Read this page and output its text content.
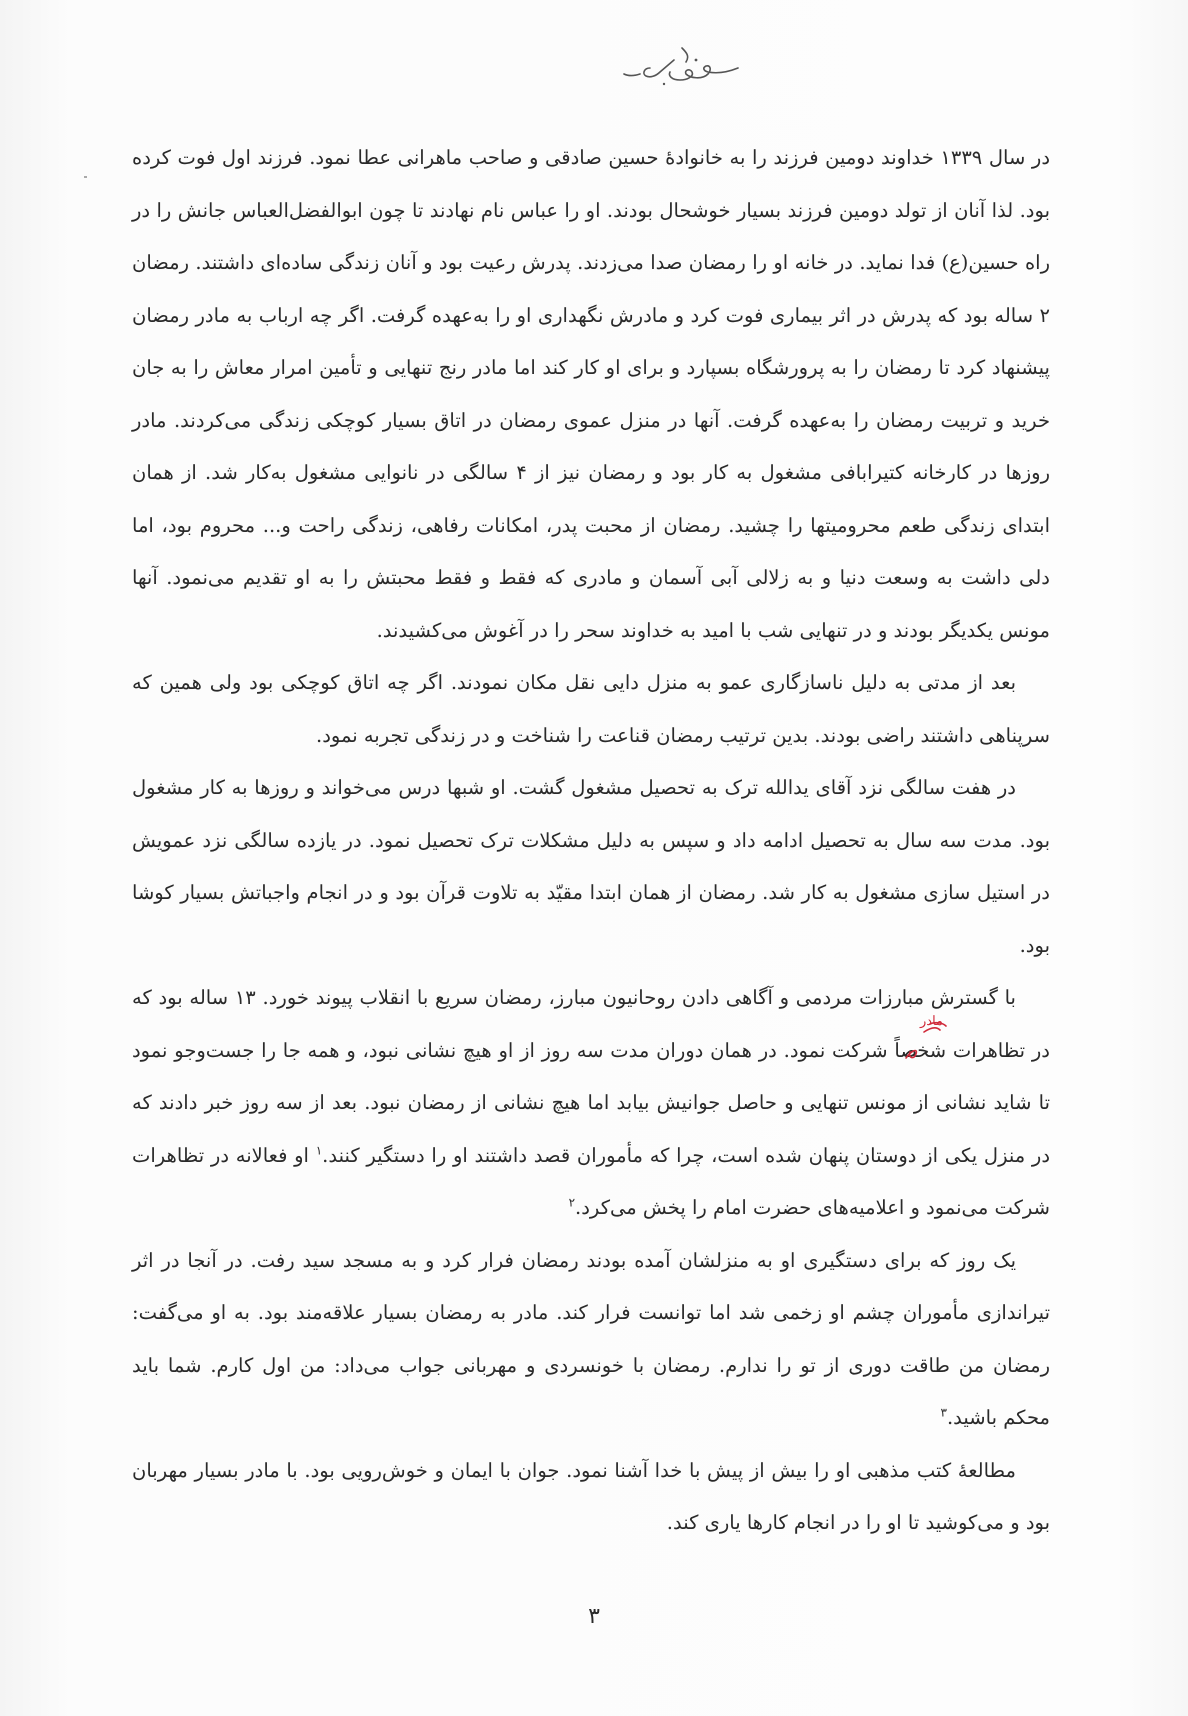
در سال ۱۳۳۹ خداوند دومین فرزند را به خانوادهٔ حسین صادقی و صاحب ماهرانی عطا نمود. فرزند اول فوت کرده بود. لذا آنان از تولد دومین فرزند بسیار خوشحال بودند. او را عباس نام نهادند تا چون ابوالفضل‌العباس جانش را در راه حسین(ع) فدا نماید. در خانه او را رمضان صدا می‌زدند. پدرش رعیت بود و آنان زندگی ساده‌ای داشتند. رمضان ۲ ساله بود که پدرش در اثر بیماری فوت کرد و مادرش نگهداری او را به‌عهده گرفت. اگر چه ارباب به مادر رمضان پیشنهاد کرد تا رمضان را به پرورشگاه بسپارد و برای او کار کند اما مادر رنج تنهایی و تأمین امرار معاش را به جان خرید و تربیت رمضان را به‌عهده گرفت. آنها در منزل عموی رمضان در اتاق بسیار کوچکی زندگی می‌کردند. مادر روزها در کارخانه کتیرابافی مشغول به کار بود و رمضان نیز از ۴ سالگی در نانوایی مشغول به‌کار شد. از همان ابتدای زندگی طعم محرومیتها را چشید. رمضان از محبت پدر، امکانات رفاهی، زندگی راحت و... محروم بود، اما دلی داشت به وسعت دنیا و به زلالی آبی آسمان و مادری که فقط و فقط محبتش را به او تقدیم می‌نمود. آنها مونس یکدیگر بودند و در تنهایی شب با امید به خداوند سحر را در آغوش می‌کشیدند.

بعد از مدتی به دلیل ناسازگاری عمو به منزل دایی نقل مکان نمودند. اگر چه اتاق کوچکی بود ولی همین که سرپناهی داشتند راضی بودند. بدین ترتیب رمضان قناعت را شناخت و در زندگی تجربه نمود.

در هفت سالگی نزد آقای یدالله ترک به تحصیل مشغول گشت. او شبها درس می‌خواند و روزها به کار مشغول بود. مدت سه سال به تحصیل ادامه داد و سپس به دلیل مشکلات ترک تحصیل نمود. در یازده سالگی نزد عمویش در استیل سازی مشغول به کار شد. رمضان از همان ابتدا مقیّد به تلاوت قرآن بود و در انجام واجباتش بسیار کوشا بود.

با گسترش مبارزات مردمی و آگاهی دادن روحانیون مبارز، رمضان سریع با انقلاب پیوند خورد. ۱۳ ساله بود که در تظاهرات شخصاً شرکت نمود. در همان دوران مدت سه روز از او هیچ نشانی نبود، و همه جا را جست‌وجو نمود تا شاید نشانی از مونس تنهایی و حاصل جوانیش بیابد اما هیچ نشانی از رمضان نبود. بعد از سه روز خبر دادند که در منزل یکی از دوستان پنهان شده است، چرا که مأموران قصد داشتند او را دستگیر کنند.$^۱$ او فعالانه در تظاهرات شرکت می‌نمود و اعلامیه‌های حضرت امام را پخش می‌کرد.$^۲$

یک روز که برای دستگیری او به منزلشان آمده بودند رمضان فرار کرد و به مسجد سید رفت. در آنجا در اثر تیراندازی مأموران چشم او زخمی شد اما توانست فرار کند. مادر به رمضان بسیار علاقه‌مند بود. به او می‌گفت: رمضان من طاقت دوری از تو را ندارم. رمضان با خونسردی و مهربانی جواب می‌داد: من اول کارم. شما باید محکم باشید.$^۳$

مطالعهٔ کتب مذهبی او را بیش از پیش با خدا آشنا نمود. جوان با ایمان و خوش‌رویی بود. با مادر بسیار مهربان بود و می‌کوشید تا او را در انجام کارها یاری کند.

مادر
۳
